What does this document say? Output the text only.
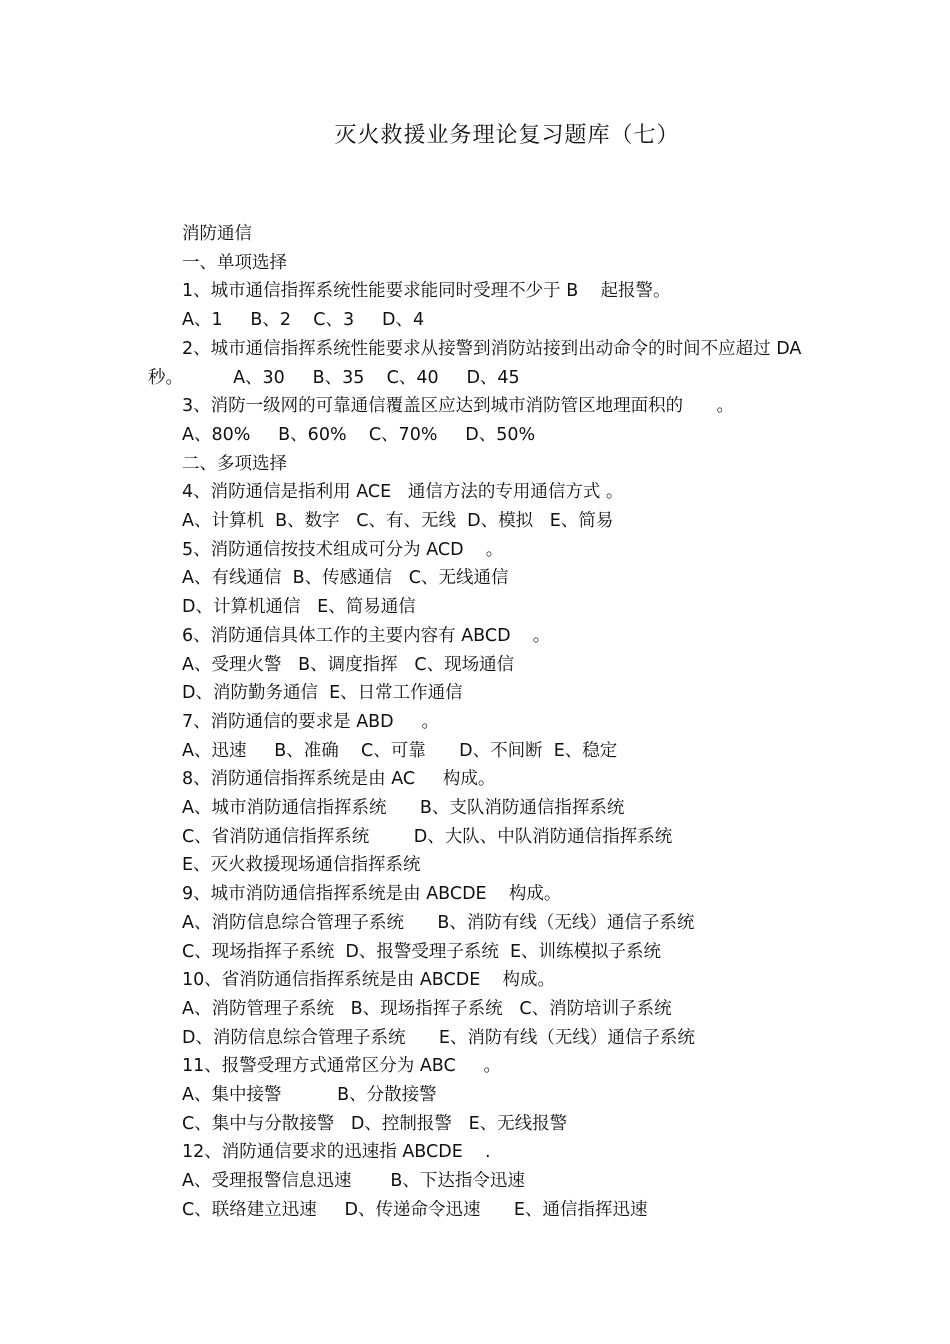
灭火救援业务理论复习题库（七）
消防通信
一、单项选择
1、城市通信指挥系统性能要求能同时受理不少于 B    起报警。
A、1     B、2    C、3     D、4
2、城市通信指挥系统性能要求从接警到消防站接到出动命令的时间不应超过 DA
秒。         A、30     B、35    C、40     D、45
3、消防一级网的可靠通信覆盖区应达到城市消防管区地理面积的      。
A、80%     B、60%    C、70%     D、50%
二、多项选择
4、消防通信是指利用 ACE   通信方法的专用通信方式 。
A、计算机  B、数字   C、有、无线  D、模拟   E、简易
5、消防通信按技术组成可分为 ACD    。
A、有线通信  B、传感通信   C、无线通信
D、计算机通信   E、简易通信
6、消防通信具体工作的主要内容有 ABCD    。
A、受理火警   B、调度指挥   C、现场通信
D、消防勤务通信  E、日常工作通信
7、消防通信的要求是 ABD     。
A、迅速     B、准确    C、可靠      D、不间断  E、稳定
8、消防通信指挥系统是由 AC     构成。
A、城市消防通信指挥系统      B、支队消防通信指挥系统
C、省消防通信指挥系统        D、大队、中队消防通信指挥系统
E、灭火救援现场通信指挥系统
9、城市消防通信指挥系统是由 ABCDE    构成。
A、消防信息综合管理子系统      B、消防有线（无线）通信子系统
C、现场指挥子系统  D、报警受理子系统  E、训练模拟子系统
10、省消防通信指挥系统是由 ABCDE    构成。
A、消防管理子系统   B、现场指挥子系统   C、消防培训子系统
D、消防信息综合管理子系统      E、消防有线（无线）通信子系统
11、报警受理方式通常区分为 ABC     。
A、集中接警          B、分散接警
C、集中与分散接警   D、控制报警   E、无线报警
12、消防通信要求的迅速指 ABCDE    .
A、受理报警信息迅速       B、下达指令迅速
C、联络建立迅速     D、传递命令迅速      E、通信指挥迅速
